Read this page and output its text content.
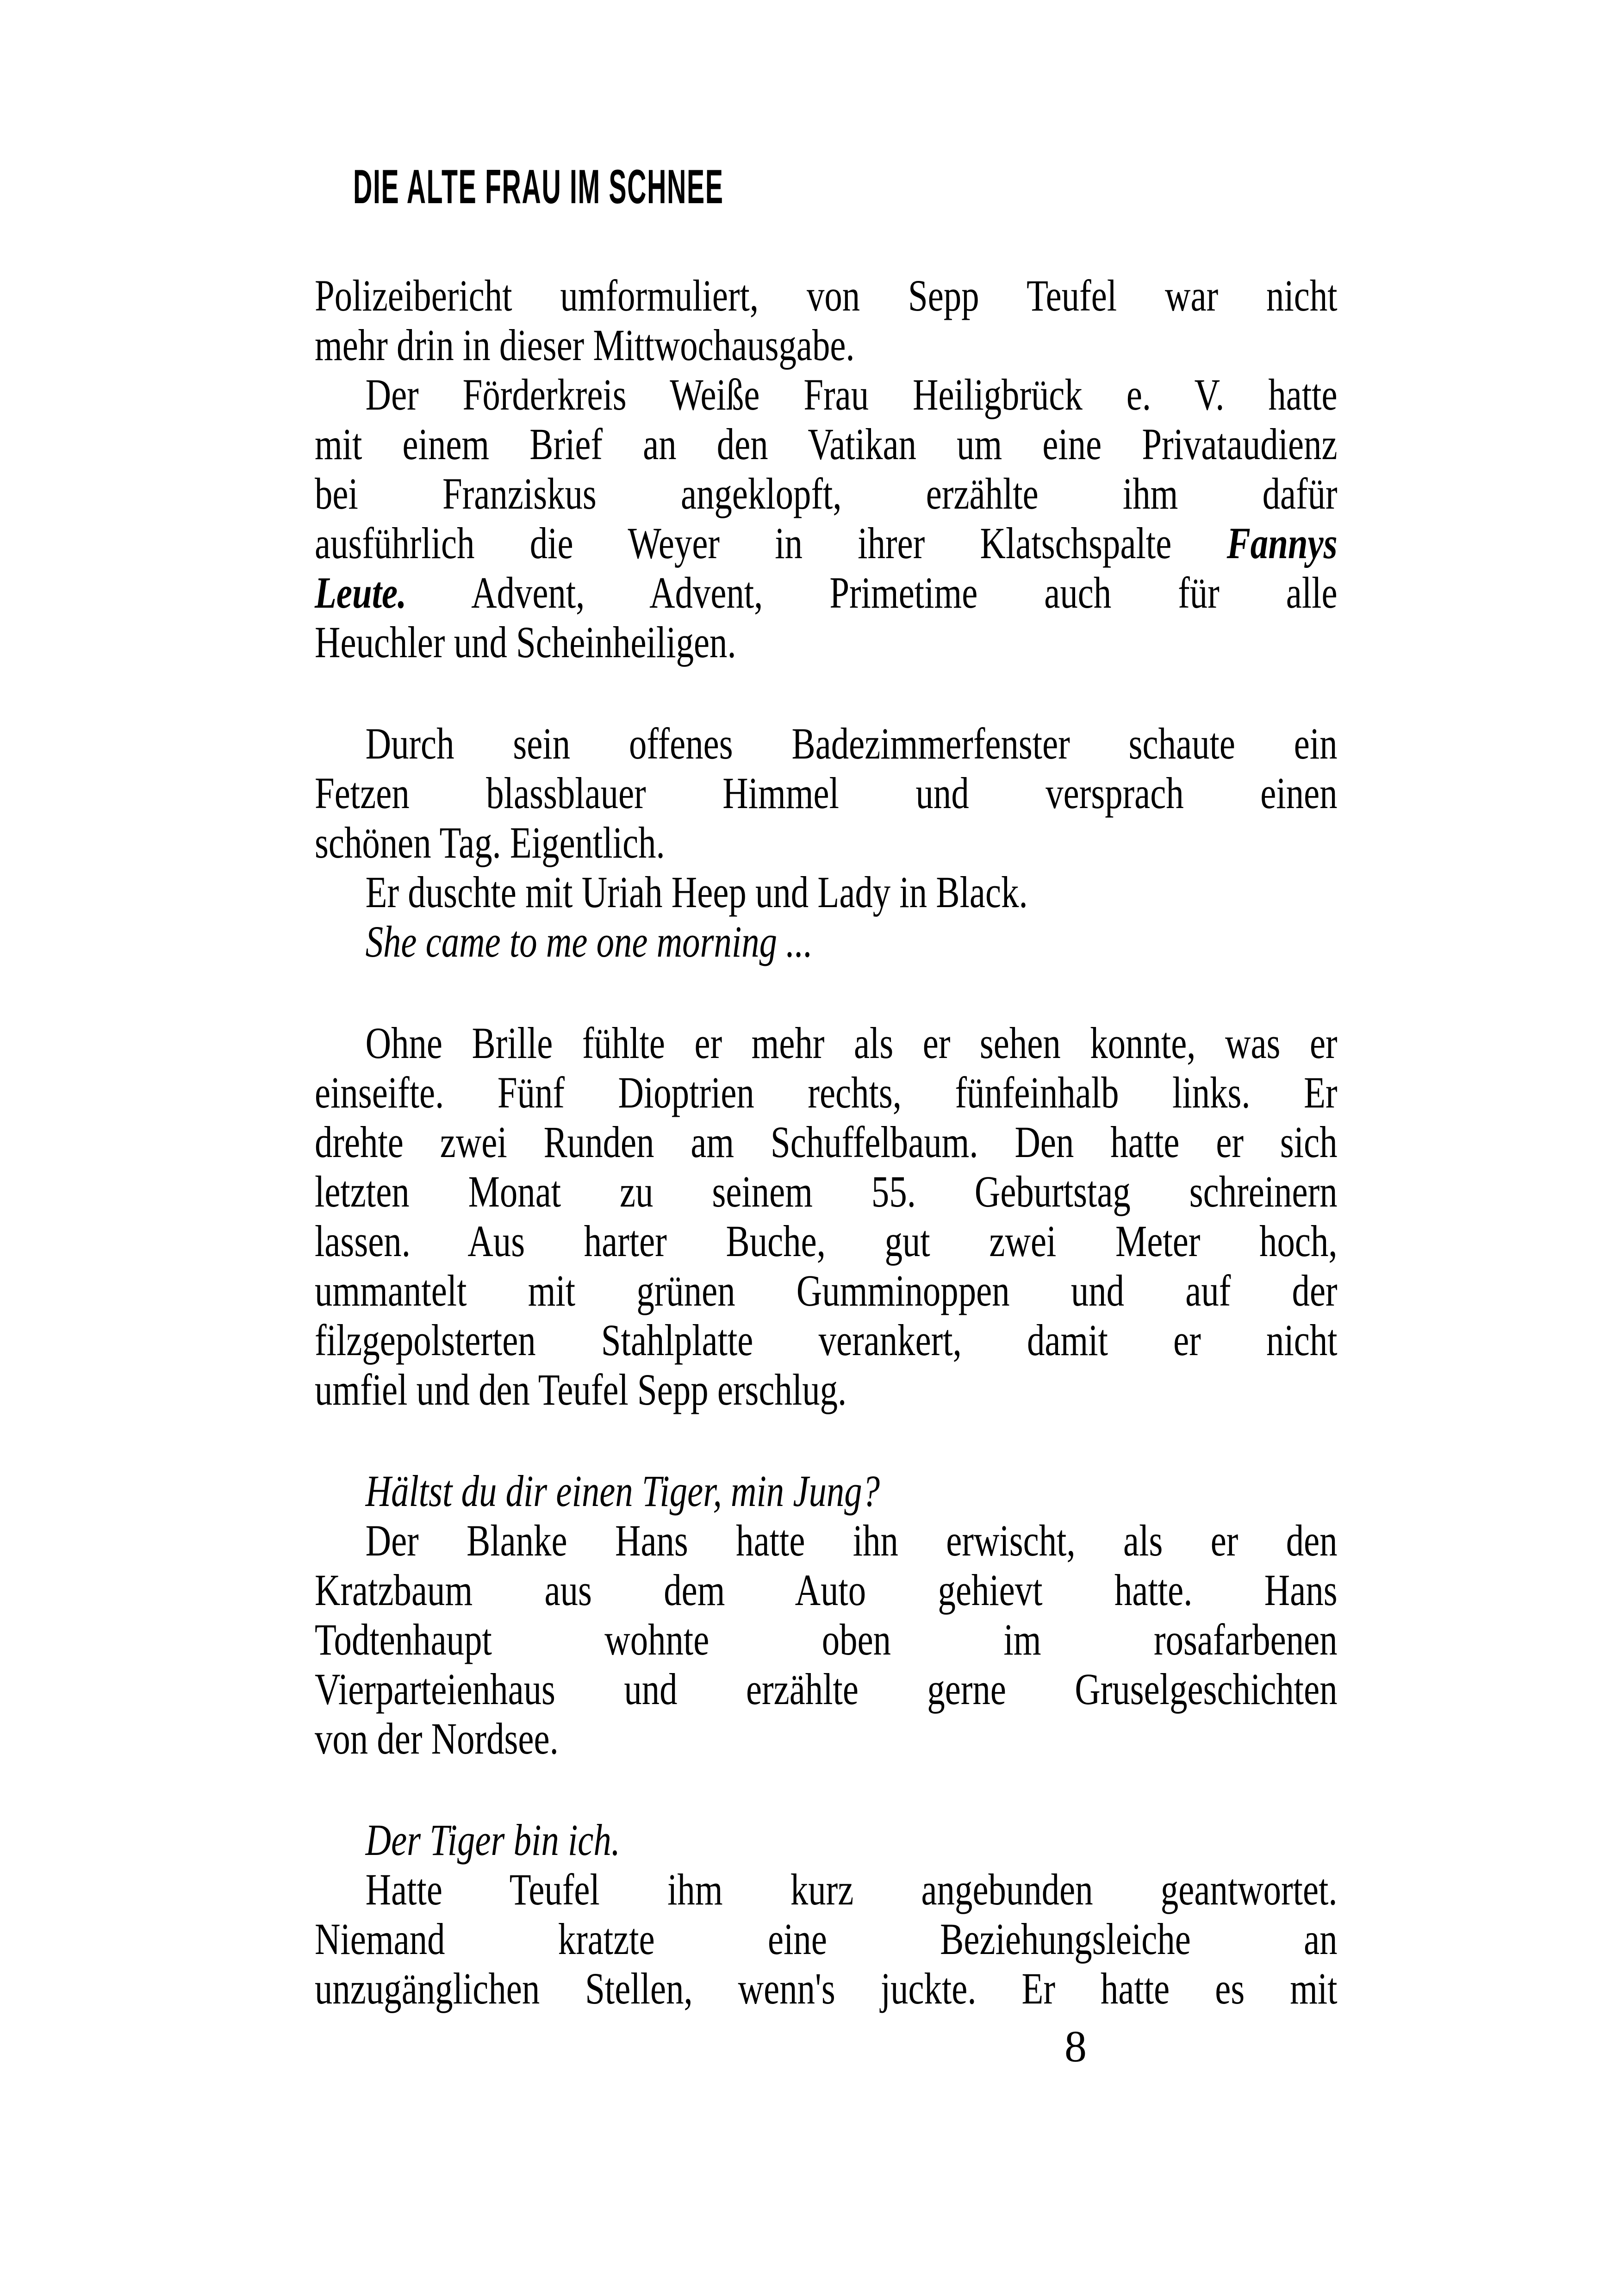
DIE ALTE FRAU IM SCHNEE
Polizeibericht umformuliert, von Sepp Teufel war nicht
mehr drin in dieser Mittwochausgabe.
Der Förderkreis Weiße Frau Heiligbrück e. V. hatte
mit einem Brief an den Vatikan um eine Privataudienz
bei Franziskus angeklopft, erzählte ihm dafür
ausführlich die Weyer in ihrer Klatschspalte Fannys
Leute. Advent, Advent, Primetime auch für alle
Heuchler und Scheinheiligen.
Durch sein offenes Badezimmerfenster schaute ein
Fetzen blassblauer Himmel und versprach einen
schönen Tag. Eigentlich.
Er duschte mit Uriah Heep und Lady in Black.
She came to me one morning ...
Ohne Brille fühlte er mehr als er sehen konnte, was er
einseifte. Fünf Dioptrien rechts, fünfeinhalb links. Er
drehte zwei Runden am Schuffelbaum. Den hatte er sich
letzten Monat zu seinem 55. Geburtstag schreinern
lassen. Aus harter Buche, gut zwei Meter hoch,
ummantelt mit grünen Gumminoppen und auf der
filzgepolsterten Stahlplatte verankert, damit er nicht
umfiel und den Teufel Sepp erschlug.
Hältst du dir einen Tiger, min Jung?
Der Blanke Hans hatte ihn erwischt, als er den
Kratzbaum aus dem Auto gehievt hatte. Hans
Todtenhaupt wohnte oben im rosafarbenen
Vierparteienhaus und erzählte gerne Gruselgeschichten
von der Nordsee.
Der Tiger bin ich.
Hatte Teufel ihm kurz angebunden geantwortet.
Niemand kratzte eine Beziehungsleiche an
unzugänglichen Stellen, wenn's juckte. Er hatte es mit
8
